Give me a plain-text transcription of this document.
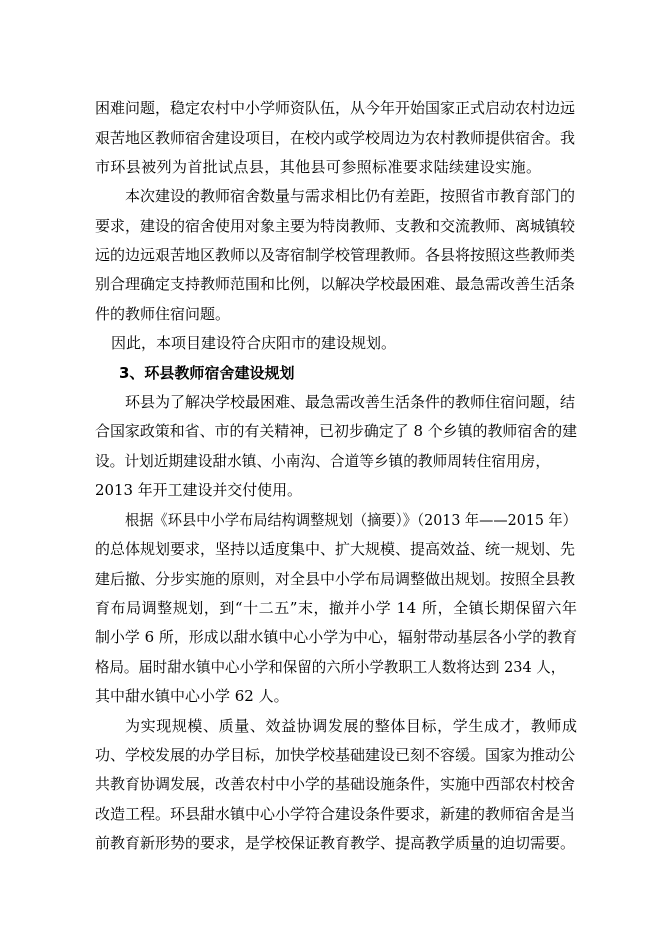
困难问题，稳定农村中小学师资队伍，从今年开始国家正式启动农村边远
艰苦地区教师宿舍建设项目，在校内或学校周边为农村教师提供宿舍。我
市环县被列为首批试点县，其他县可参照标准要求陆续建设实施。
本次建设的教师宿舍数量与需求相比仍有差距，按照省市教育部门的
要求，建设的宿舍使用对象主要为特岗教师、支教和交流教师、离城镇较
远的边远艰苦地区教师以及寄宿制学校管理教师。各县将按照这些教师类
别合理确定支持教师范围和比例，以解决学校最困难、最急需改善生活条
件的教师住宿问题。
因此，本项目建设符合庆阳市的建设规划。
3、环县教师宿舍建设规划
环县为了解决学校最困难、最急需改善生活条件的教师住宿问题，结
合国家政策和省、市的有关精神，已初步确定了 8 个乡镇的教师宿舍的建
设。计划近期建设甜水镇、小南沟、合道等乡镇的教师周转住宿用房，
2013 年开工建设并交付使用。
根据《环县中小学布局结构调整规划（摘要）》（2013 年——2015 年）
的总体规划要求，坚持以适度集中、扩大规模、提高效益、统一规划、先
建后撤、分步实施的原则，对全县中小学布局调整做出规划。按照全县教
育布局调整规划，到“十二五”末，撤并小学 14 所，全镇长期保留六年
制小学 6 所，形成以甜水镇中心小学为中心，辐射带动基层各小学的教育
格局。届时甜水镇中心小学和保留的六所小学教职工人数将达到 234 人，
其中甜水镇中心小学 62 人。
为实现规模、质量、效益协调发展的整体目标，学生成才，教师成
功、学校发展的办学目标，加快学校基础建设已刻不容缓。国家为推动公
共教育协调发展，改善农村中小学的基础设施条件，实施中西部农村校舍
改造工程。环县甜水镇中心小学符合建设条件要求，新建的教师宿舍是当
前教育新形势的要求，是学校保证教育教学、提高教学质量的迫切需要。
